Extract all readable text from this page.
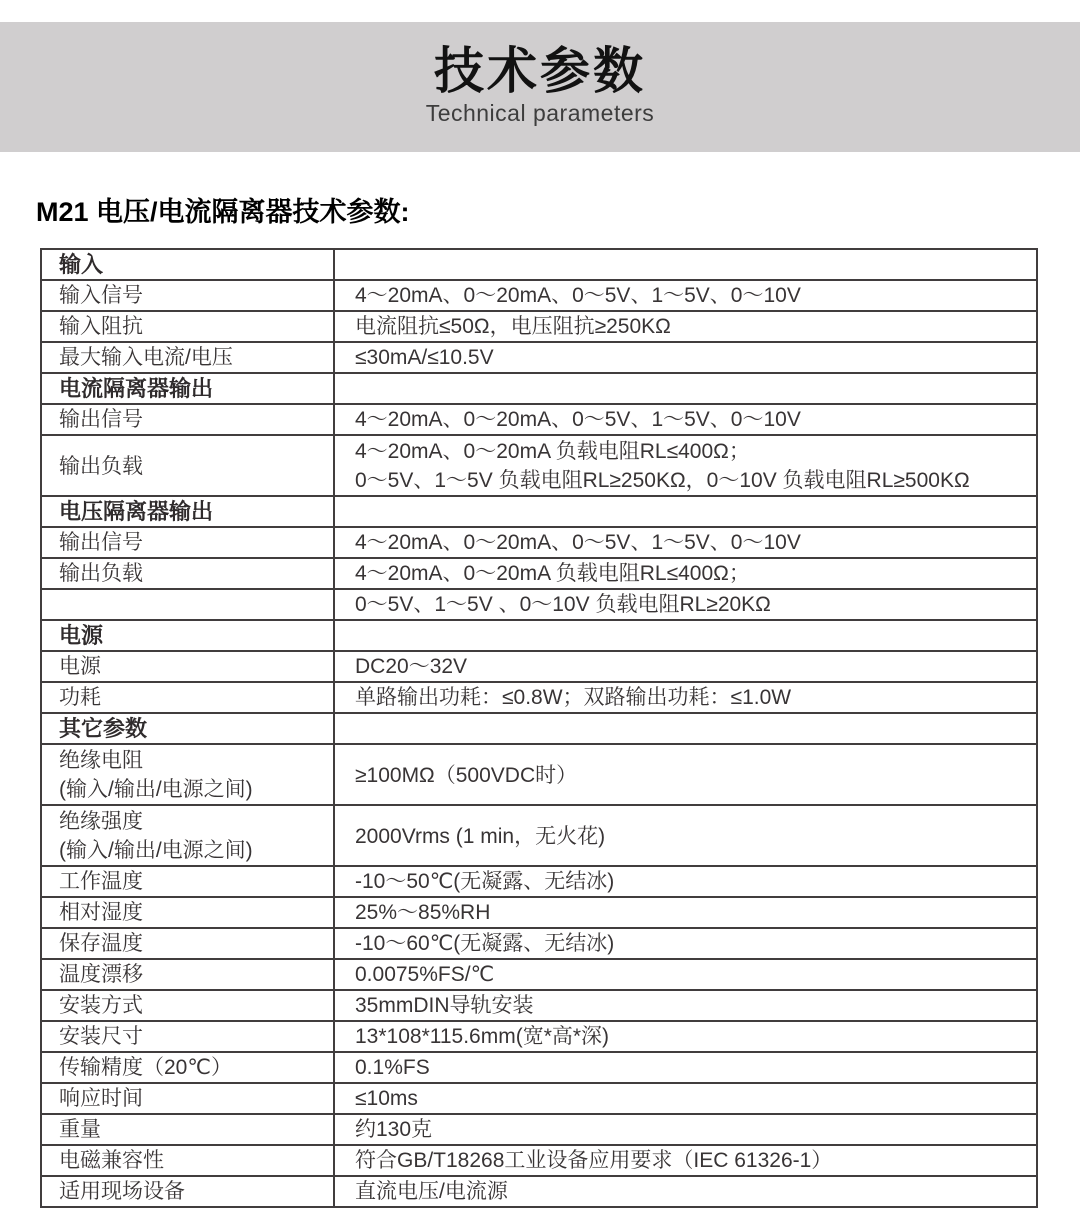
技术参数
Technical parameters
M21 电压/电流隔离器技术参数:
输入	

输入信号	4～20mA、0～20mA、0～5V、1～5V、0～10V

输入阻抗	电流阻抗≤50Ω，电压阻抗≥250KΩ

最大输入电流/电压	≤30mA/≤10.5V

电流隔离器输出	

输出信号	4～20mA、0～20mA、0～5V、1～5V、0～10V

输出负载	4～20mA、0～20mA 负载电阻RL≤400Ω；
0～5V、1～5V 负载电阻RL≥250KΩ，0～10V 负载电阻RL≥500KΩ

电压隔离器输出	

输出信号	4～20mA、0～20mA、0～5V、1～5V、0～10V

输出负载	4～20mA、0～20mA 负载电阻RL≤400Ω；

	0～5V、1～5V 、0～10V 负载电阻RL≥20KΩ

电源	

电源	DC20～32V

功耗	单路输出功耗：≤0.8W；双路输出功耗：≤1.0W

其它参数	

绝缘电阻
(输入/输出/电源之间)	≥100MΩ（500VDC时）

绝缘强度
(输入/输出/电源之间)	2000Vrms (1 min，无火花)

工作温度	-10～50℃(无凝露、无结冰)

相对湿度	25%～85%RH

保存温度	-10～60℃(无凝露、无结冰)

温度漂移	0.0075%FS/℃

安装方式	35mmDIN导轨安装

安装尺寸	13*108*115.6mm(宽*高*深)

传输精度（20℃）	0.1%FS

响应时间	≤10ms

重量	约130克

电磁兼容性	符合GB/T18268工业设备应用要求（IEC 61326-1）

适用现场设备	直流电压/电流源
